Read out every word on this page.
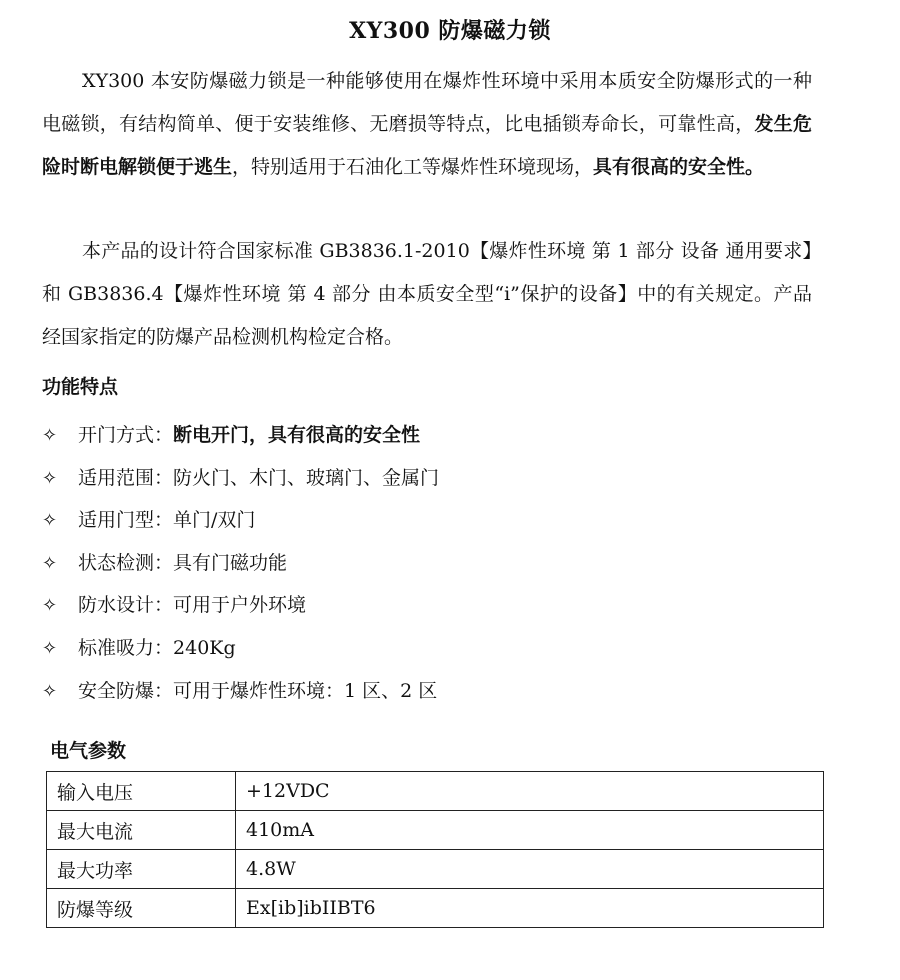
XY300 防爆磁力锁

XY300 本安防爆磁力锁是一种能够使用在爆炸性环境中采用本质安全防爆形式的一种电磁锁，有结构简单、便于安装维修、无磨损等特点，比电插锁寿命长，可靠性高，发生危险时断电解锁便于逃生，特别适用于石油化工等爆炸性环境现场，具有很高的安全性。

本产品的设计符合国家标准 GB3836.1-2010【爆炸性环境 第 1 部分 设备 通用要求】和 GB3836.4【爆炸性环境 第 4 部分 由本质安全型“i”保护的设备】中的有关规定。产品经国家指定的防爆产品检测机构检定合格。

功能特点
✧ 开门方式：断电开门，具有很高的安全性
✧ 适用范围：防火门、木门、玻璃门、金属门
✧ 适用门型：单门/双门
✧ 状态检测：具有门磁功能
✧ 防水设计：可用于户外环境
✧ 标准吸力：240Kg
✧ 安全防爆：可用于爆炸性环境：1 区、2 区
电气参数
输入电压	+12VDC
最大电流	410mA
最大功率	4.8W
防爆等级	Ex[ib]ibIIBT6
